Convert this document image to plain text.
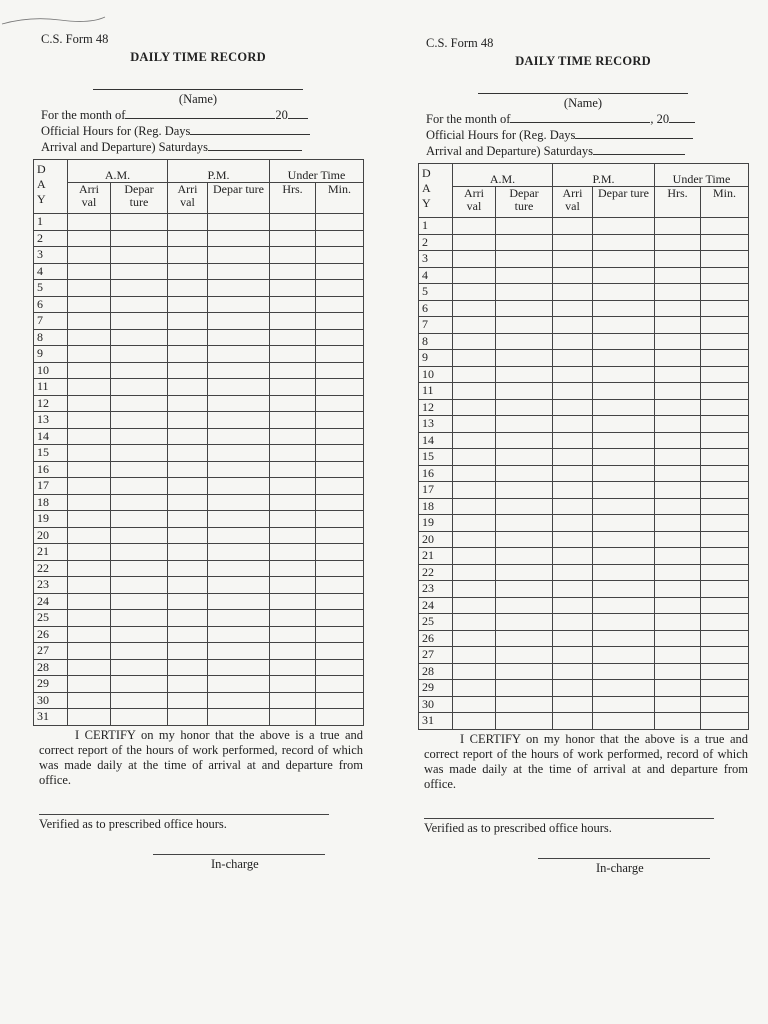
C.S. Form 48
DAILY TIME RECORD
(Name)
For the month of	20
Official Hours for (Reg. Days
Arrival and Departure) Saturdays
D
A
Y	A.M.		P.M.		Under Time	
	Arri val	Depar ture	Arri val	Depar ture	Hrs.	Min.
1						
2						
3						
4						
5						
6						
7						
8						
9						
10						
11						
12						
13						
14						
15						
16						
17						
18						
19						
20						
21						
22						
23						
24						
25						
26						
27						
28						
29						
30						
31						
I CERTIFY on my honor that the above is a true and correct report of the hours of work performed, record of which was made daily at the time of arrival at and departure from office.
Verified as to prescribed office hours.
In-charge
C.S. Form 48
DAILY TIME RECORD
(Name)
For the month of	, 20
Official Hours for (Reg. Days
Arrival and Departure) Saturdays
D
A
Y	A.M.		P.M.		Under Time	
	Arri val	Depar ture	Arri val	Depar ture	Hrs.	Min.
1						
2						
3						
4						
5						
6						
7						
8						
9						
10						
11						
12						
13						
14						
15						
16						
17						
18						
19						
20						
21						
22						
23						
24						
25						
26						
27						
28						
29						
30						
31						
I CERTIFY on my honor that the above is a true and correct report of the hours of work performed, record of which was made daily at the time of arrival at and departure from office.
Verified as to prescribed office hours.
In-charge
